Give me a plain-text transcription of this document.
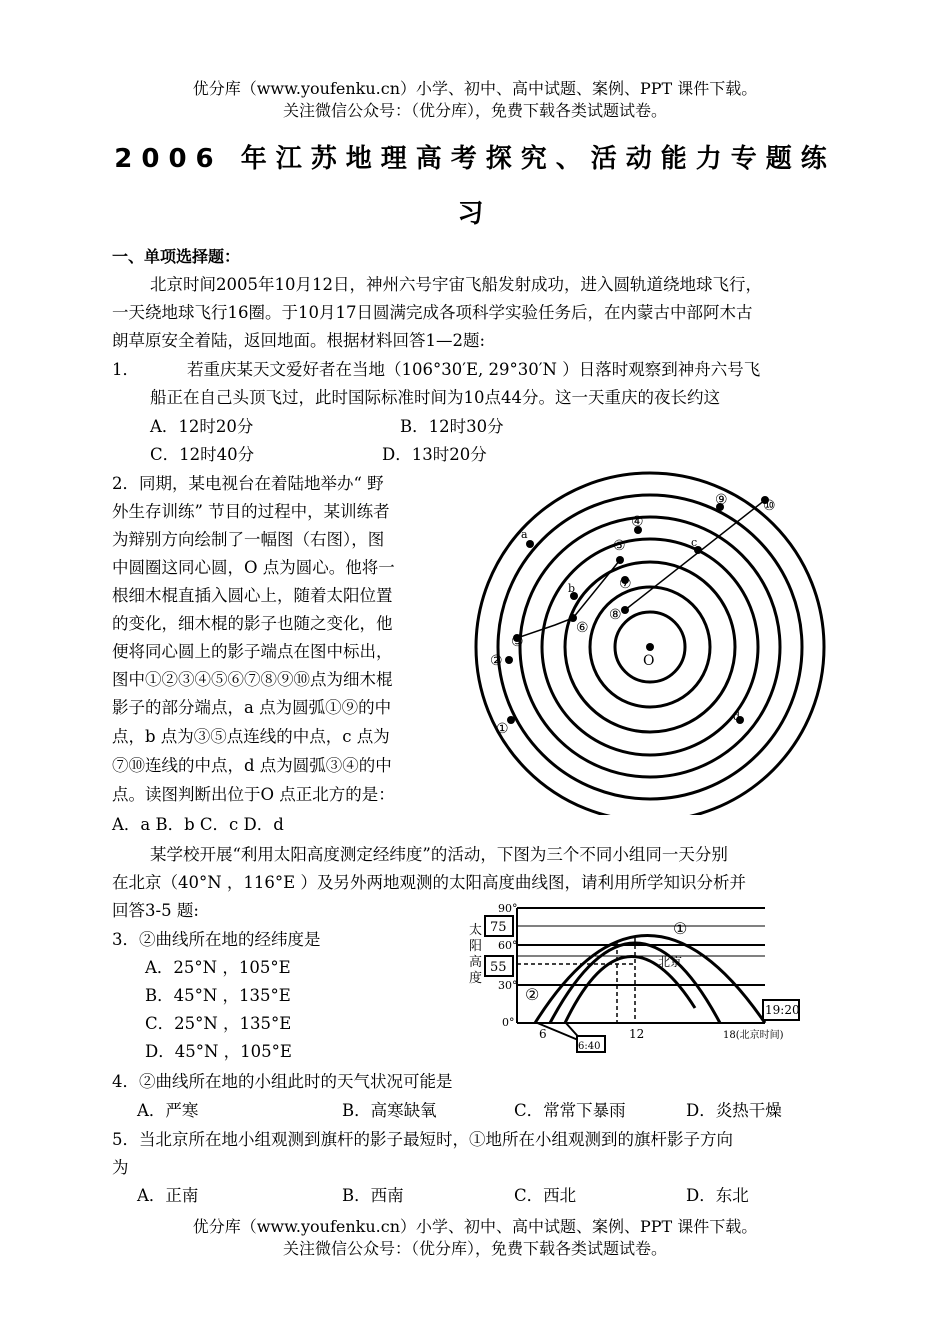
优分库（www.youfenku.cn）小学、初中、高中试题、案例、PPT 课件下载。
关注微信公众号：（优分库），免费下载各类试题试卷。
2006 年江苏地理高考探究、活动能力专题练
习
一、单项选择题：
北京时间2005年10月12日，神州六号宇宙飞船发射成功，进入圆轨道绕地球飞行，
一天绕地球飞行16圈。于10月17日圆满完成各项科学实验任务后，在内蒙古中部阿木古
朗草原安全着陆，返回地面。根据材料回答1—2题:
1．	若重庆某天文爱好者在当地（106°30′E, 29°30′N ）日落时观察到神舟六号飞
船正在自己头顶飞过，此时国际标准时间为10点44分。这一天重庆的夜长约这
A．12时20分	B．12时30分
C．12时40分	D．13时20分
2．同期，某电视台在着陆地举办“ 野
外生存训练” 节目的过程中，某训练者
为辩别方向绘制了一幅图（右图），图
中圆圈这同心圆，O 点为圆心。他将一
根细木棍直插入圆心上，随着太阳位置
的变化，细木棍的影子也随之变化，他
便将同心圆上的影子端点在图中标出，
图中①②③④⑤⑥⑦⑧⑨⑩点为细木棍
影子的部分端点，a 点为圆弧①⑨的中
点，b 点为③⑤点连线的中点，c 点为
⑦⑩连线的中点，d 点为圆弧③④的中
点。读图判断出位于O 点正北方的是：
A．a B．b C．c D．d
O
①
②
③
④
⑤
⑥
⑦
⑧
⑨	⑩
a
b
c
d
某学校开展“利用太阳高度测定经纬度”的活动，下图为三个不同小组同一天分别
在北京（40°N ，116°E ）及另外两地观测的太阳高度曲线图，请利用所学知识分析并
回答3-5 题:
3．②曲线所在地的经纬度是
A．25°N ，105°E
B．45°N ，135°E
C．25°N ，135°E
D．45°N ，105°E
90°
60°
30°
0°
75
55
6:40
19:20
太
阳
高
度
①
②
北京
6	12	18(北京时间)
4．②曲线所在地的小组此时的天气状况可能是
A．严寒	B．高寒缺氧	C．常常下暴雨	D．炎热干燥
5．当北京所在地小组观测到旗杆的影子最短时，①地所在小组观测到的旗杆影子方向
为
A．正南	B．西南	C．西北	D．东北
优分库（www.youfenku.cn）小学、初中、高中试题、案例、PPT 课件下载。
关注微信公众号：（优分库），免费下载各类试题试卷。
